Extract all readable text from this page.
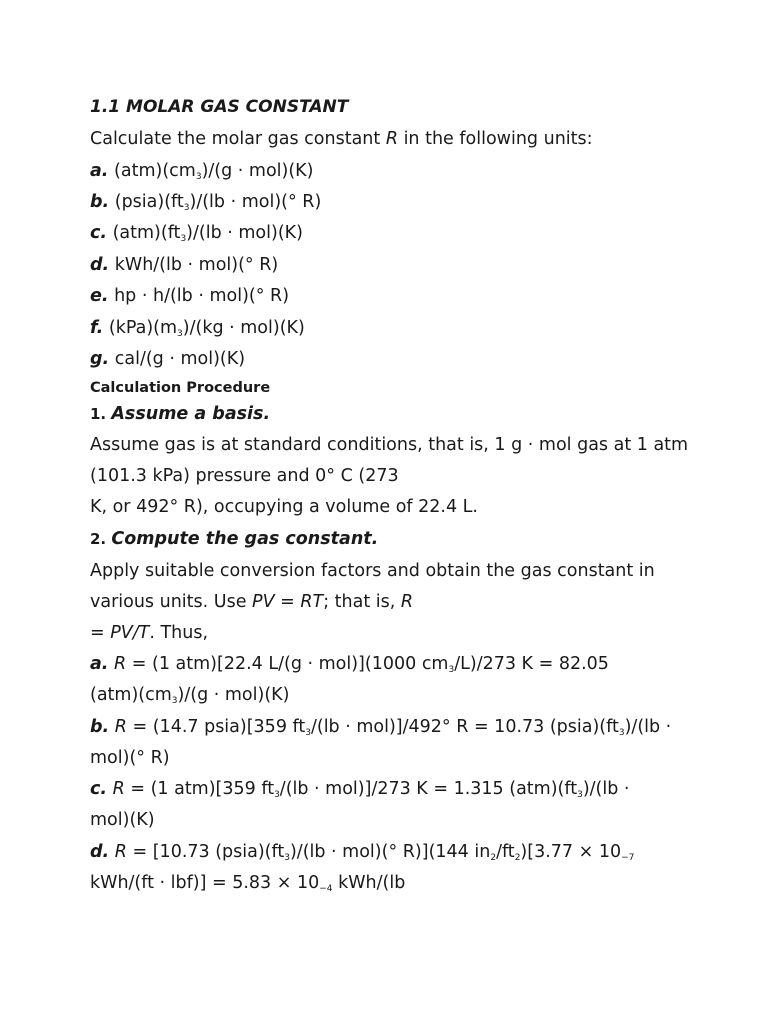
1.1 MOLAR GAS CONSTANT
Calculate the molar gas constant R in the following units:
a. (atm)(cm3)/(g · mol)(K)
b. (psia)(ft3)/(lb · mol)(° R)
c. (atm)(ft3)/(lb · mol)(K)
d. kWh/(lb · mol)(° R)
e. hp · h/(lb · mol)(° R)
f. (kPa)(m3)/(kg · mol)(K)
g. cal/(g · mol)(K)
Calculation Procedure
1. Assume a basis.
Assume gas is at standard conditions, that is, 1 g · mol gas at 1 atm
(101.3 kPa) pressure and 0° C (273
K, or 492° R), occupying a volume of 22.4 L.
2. Compute the gas constant.
Apply suitable conversion factors and obtain the gas constant in
various units. Use PV = RT; that is, R
= PV/T. Thus,
a. R = (1 atm)[22.4 L/(g · mol)](1000 cm3/L)/273 K = 82.05
(atm)(cm3)/(g · mol)(K)
b. R = (14.7 psia)[359 ft3/(lb · mol)]/492° R = 10.73 (psia)(ft3)/(lb ·
mol)(° R)
c. R = (1 atm)[359 ft3/(lb · mol)]/273 K = 1.315 (atm)(ft3)/(lb ·
mol)(K)
d. R = [10.73 (psia)(ft3)/(lb · mol)(° R)](144 in2/ft2)[3.77 × 10−7
kWh/(ft · lbf)] = 5.83 × 10−4 kWh/(lb
